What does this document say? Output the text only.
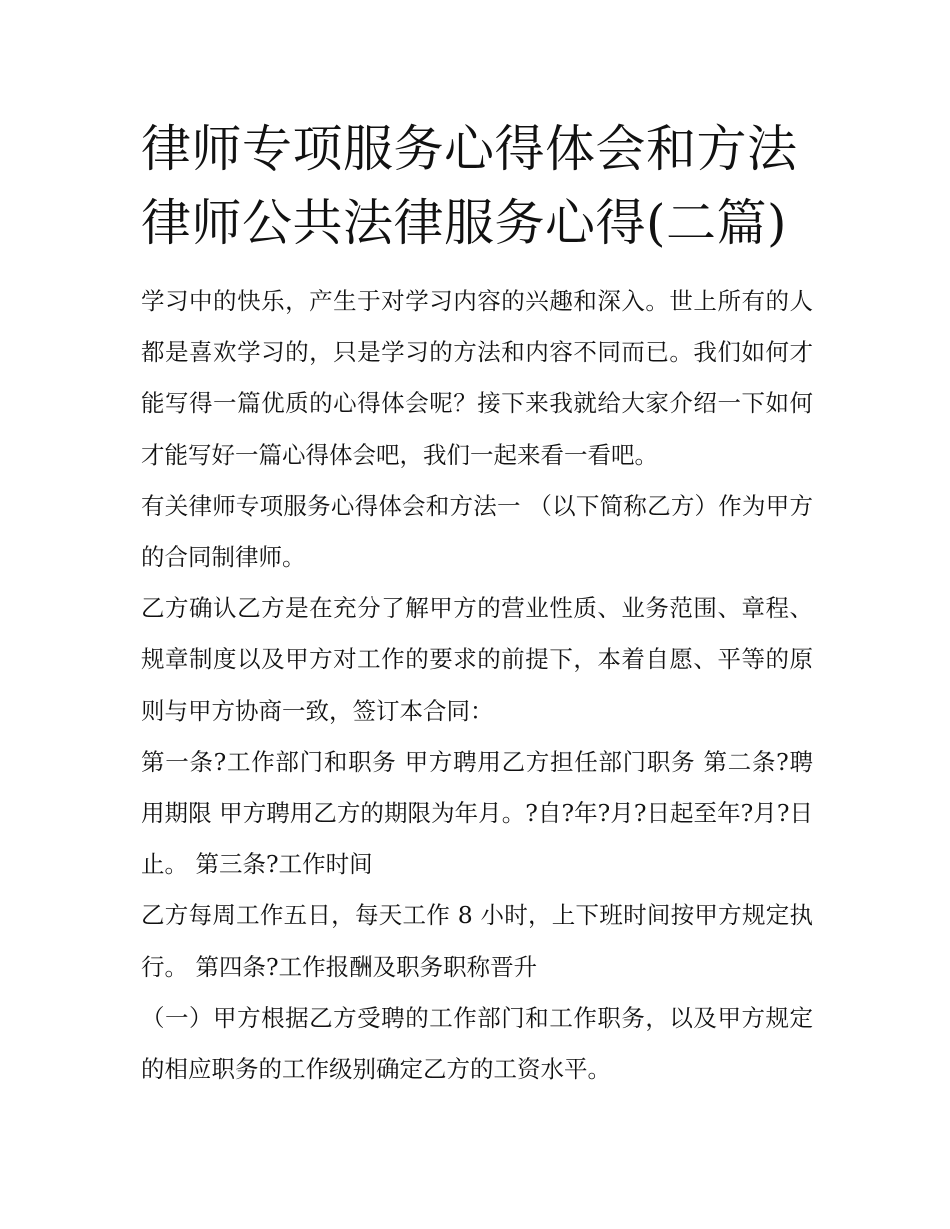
律师专项服务心得体会和方法律师公共法律服务心得(二篇)

学习中的快乐，产生于对学习内容的兴趣和深入。世上所有的人都是喜欢学习的，只是学习的方法和内容不同而已。我们如何才能写得一篇优质的心得体会呢？接下来我就给大家介绍一下如何才能写好一篇心得体会吧，我们一起来看一看吧。

有关律师专项服务心得体会和方法一 （以下简称乙方）作为甲方的合同制律师。

乙方确认乙方是在充分了解甲方的营业性质、业务范围、章程、规章制度以及甲方对工作的要求的前提下，本着自愿、平等的原则与甲方协商一致，签订本合同：

第一条?工作部门和职务 甲方聘用乙方担任部门职务 第二条?聘用期限 甲方聘用乙方的期限为年月。?自?年?月?日起至年?月?日止。 第三条?工作时间

乙方每周工作五日，每天工作 8 小时，上下班时间按甲方规定执行。 第四条?工作报酬及职务职称晋升

（一）甲方根据乙方受聘的工作部门和工作职务，以及甲方规定的相应职务的工作级别确定乙方的工资水平。
